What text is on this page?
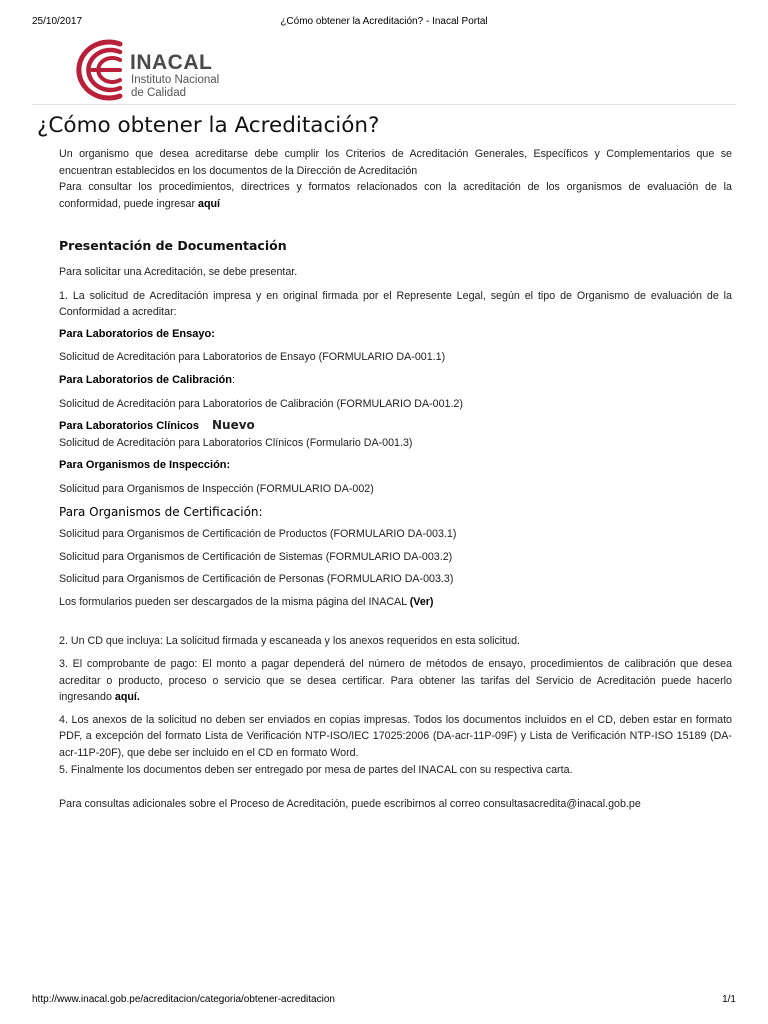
25/10/2017	¿Cómo obtener la Acreditación? - Inacal Portal
INACAL
Instituto Nacional
de Calidad
¿Cómo obtener la Acreditación?

Un organismo que desea acreditarse debe cumplir los Criterios de Acreditación Generales, Específicos y Complementarios que se encuentran establecidos en los documentos de la Dirección de Acreditación

Para consultar los procedimientos, directrices y formatos relacionados con la acreditación de los organismos de evaluación de la conformidad, puede ingresar aquí

Presentación de Documentación

Para solicitar una Acreditación, se debe presentar.

1. La solicitud de Acreditación impresa y en original firmada por el Represente Legal, según el tipo de Organismo de evaluación de la Conformidad a acreditar:

Para Laboratorios de Ensayo:

Solicitud de Acreditación para Laboratorios de Ensayo (FORMULARIO DA-001.1)

Para Laboratorios de Calibración:

Solicitud de Acreditación para Laboratorios de Calibración (FORMULARIO DA-001.2)

Para Laboratorios Clínicos Nuevo

Solicitud de Acreditación para Laboratorios Clínicos (Formulario DA-001.3)

Para Organismos de Inspección:

Solicitud para Organismos de Inspección (FORMULARIO DA-002)

Para Organismos de Certificación:

Solicitud para Organismos de Certificación de Productos (FORMULARIO DA-003.1)

Solicitud para Organismos de Certificación de Sistemas (FORMULARIO DA-003.2)

Solicitud para Organismos de Certificación de Personas (FORMULARIO DA-003.3)

Los formularios pueden ser descargados de la misma página del INACAL (Ver)

2. Un CD que incluya: La solicitud firmada y escaneada y los anexos requeridos en esta solicitud.

3. El comprobante de pago: El monto a pagar dependerá del número de métodos de ensayo, procedimientos de calibración que desea acreditar o producto, proceso o servicio que se desea certificar. Para obtener las tarifas del Servicio de Acreditación puede hacerlo ingresando aquí.

4. Los anexos de la solicitud no deben ser enviados en copias impresas. Todos los documentos incluidos en el CD, deben estar en formato PDF, a excepción del formato Lista de Verificación NTP-ISO/IEC 17025:2006 (DA-acr-11P-09F) y Lista de Verificación NTP-ISO 15189 (DA-acr-11P-20F), que debe ser incluido en el CD en formato Word.

5. Finalmente los documentos deben ser entregado por mesa de partes del INACAL con su respectiva carta.

Para consultas adicionales sobre el Proceso de Acreditación, puede escribirnos al correo consultasacredita@inacal.gob.pe

http://www.inacal.gob.pe/acreditacion/categoria/obtener-acreditacion	1/1
